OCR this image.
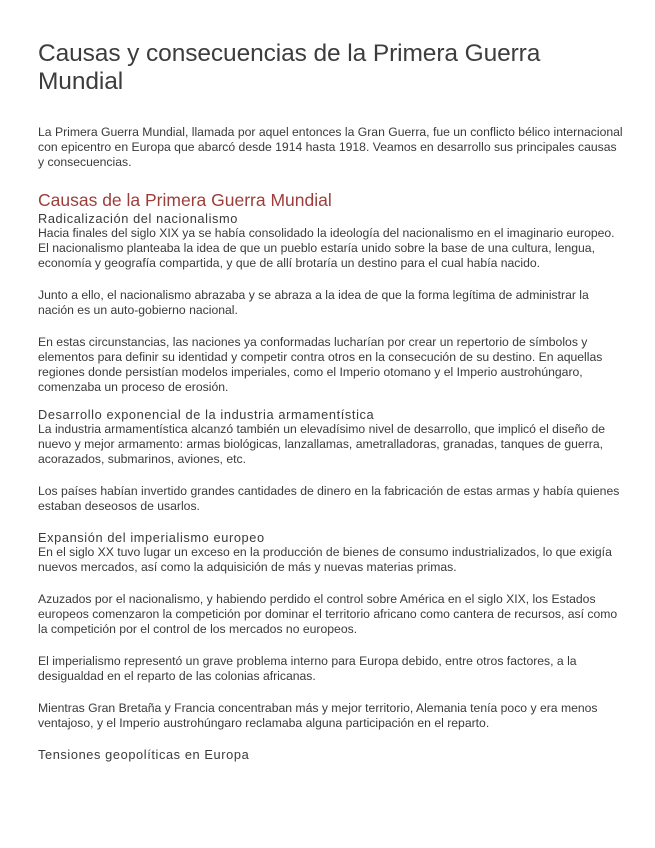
Causas y consecuencias de la Primera Guerra Mundial

La Primera Guerra Mundial, llamada por aquel entonces la Gran Guerra, fue un conflicto bélico internacional con epicentro en Europa que abarcó desde 1914 hasta 1918. Veamos en desarrollo sus principales causas y consecuencias.

Causas de la Primera Guerra Mundial
Radicalización del nacionalismo

Hacia finales del siglo XIX ya se había consolidado la ideología del nacionalismo en el imaginario europeo. El nacionalismo planteaba la idea de que un pueblo estaría unido sobre la base de una cultura, lengua, economía y geografía compartida, y que de allí brotaría un destino para el cual había nacido.

Junto a ello, el nacionalismo abrazaba y se abraza a la idea de que la forma legítima de administrar la nación es un auto-gobierno nacional.

En estas circunstancias, las naciones ya conformadas lucharían por crear un repertorio de símbolos y elementos para definir su identidad y competir contra otros en la consecución de su destino. En aquellas regiones donde persistían modelos imperiales, como el Imperio otomano y el Imperio austrohúngaro, comenzaba un proceso de erosión.

Desarrollo exponencial de la industria armamentística

La industria armamentística alcanzó también un elevadísimo nivel de desarrollo, que implicó el diseño de nuevo y mejor armamento: armas biológicas, lanzallamas, ametralladoras, granadas, tanques de guerra, acorazados, submarinos, aviones, etc.

Los países habían invertido grandes cantidades de dinero en la fabricación de estas armas y había quienes estaban deseosos de usarlos.

Expansión del imperialismo europeo

En el siglo XX tuvo lugar un exceso en la producción de bienes de consumo industrializados, lo que exigía nuevos mercados, así como la adquisición de más y nuevas materias primas.

Azuzados por el nacionalismo, y habiendo perdido el control sobre América en el siglo XIX, los Estados europeos comenzaron la competición por dominar el territorio africano como cantera de recursos, así como la competición por el control de los mercados no europeos.

El imperialismo representó un grave problema interno para Europa debido, entre otros factores, a la desigualdad en el reparto de las colonias africanas.

Mientras Gran Bretaña y Francia concentraban más y mejor territorio, Alemania tenía poco y era menos ventajoso, y el Imperio austrohúngaro reclamaba alguna participación en el reparto.

Tensiones geopolíticas en Europa
